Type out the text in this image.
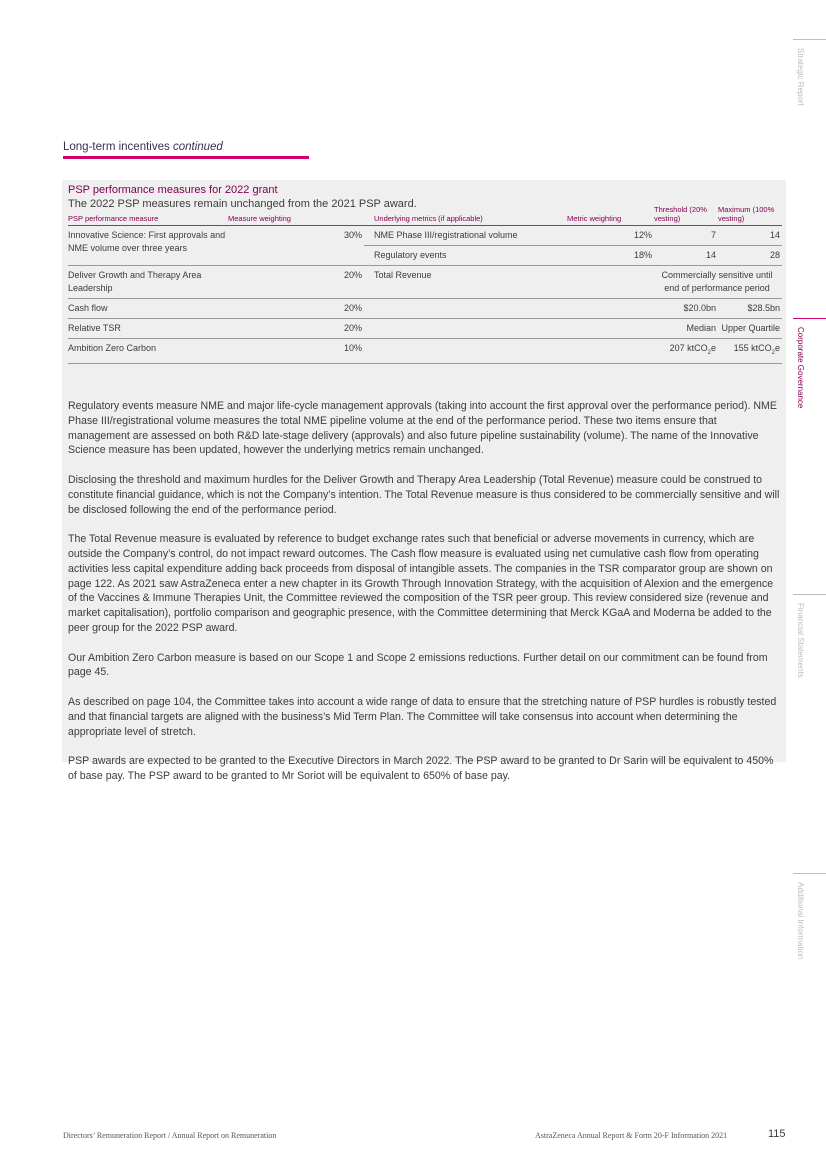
Long-term incentives continued
PSP performance measures for 2022 grant
The 2022 PSP measures remain unchanged from the 2021 PSP award.
PSP performance measure	Measure weighting	Underlying metrics (if applicable)	Metric weighting	Threshold (20% vesting)	Maximum (100% vesting)
Innovative Science: First approvals and NME volume over three years	30%	NME Phase III/registrational volume	12%	7	14
		Regulatory events	18%	14	28
Deliver Growth and Therapy Area Leadership	20%	Total Revenue		Commercially sensitive until end of performance period	
Cash flow	20%			$20.0bn	$28.5bn
Relative TSR	20%			Median	Upper Quartile
Ambition Zero Carbon	10%			207 ktCO$_2$e	155 ktCO$_2$e

Regulatory events measure NME and major life-cycle management approvals (taking into account the first approval over the performance period). NME Phase III/registrational volume measures the total NME pipeline volume at the end of the performance period. These two items ensure that management are assessed on both R&D late-stage delivery (approvals) and also future pipeline sustainability (volume). The name of the Innovative Science measure has been updated, however the underlying metrics remain unchanged.

Disclosing the threshold and maximum hurdles for the Deliver Growth and Therapy Area Leadership (Total Revenue) measure could be construed to constitute financial guidance, which is not the Company’s intention. The Total Revenue measure is thus considered to be commercially sensitive and will be disclosed following the end of the performance period.

The Total Revenue measure is evaluated by reference to budget exchange rates such that beneficial or adverse movements in currency, which are outside the Company’s control, do not impact reward outcomes. The Cash flow measure is evaluated using net cumulative cash flow from operating activities less capital expenditure adding back proceeds from disposal of intangible assets. The companies in the TSR comparator group are shown on page 122. As 2021 saw AstraZeneca enter a new chapter in its Growth Through Innovation Strategy, with the acquisition of Alexion and the emergence of the Vaccines & Immune Therapies Unit, the Committee reviewed the composition of the TSR peer group. This review considered size (revenue and market capitalisation), portfolio comparison and geographic presence, with the Committee determining that Merck KGaA and Moderna be added to the peer group for the 2022 PSP award.

Our Ambition Zero Carbon measure is based on our Scope 1 and Scope 2 emissions reductions. Further detail on our commitment can be found from page 45.

As described on page 104, the Committee takes into account a wide range of data to ensure that the stretching nature of PSP hurdles is robustly tested and that financial targets are aligned with the business’s Mid Term Plan. The Committee will take consensus into account when determining the appropriate level of stretch.

PSP awards are expected to be granted to the Executive Directors in March 2022. The PSP award to be granted to Dr Sarin will be equivalent to 450% of base pay. The PSP award to be granted to Mr Soriot will be equivalent to 650% of base pay.

Strategic Report
Corporate Governance
Financial Statements
Additional Information
Directors’ Remuneration Report / Annual Report on Remuneration	AstraZeneca Annual Report & Form 20-F Information 2021	115
